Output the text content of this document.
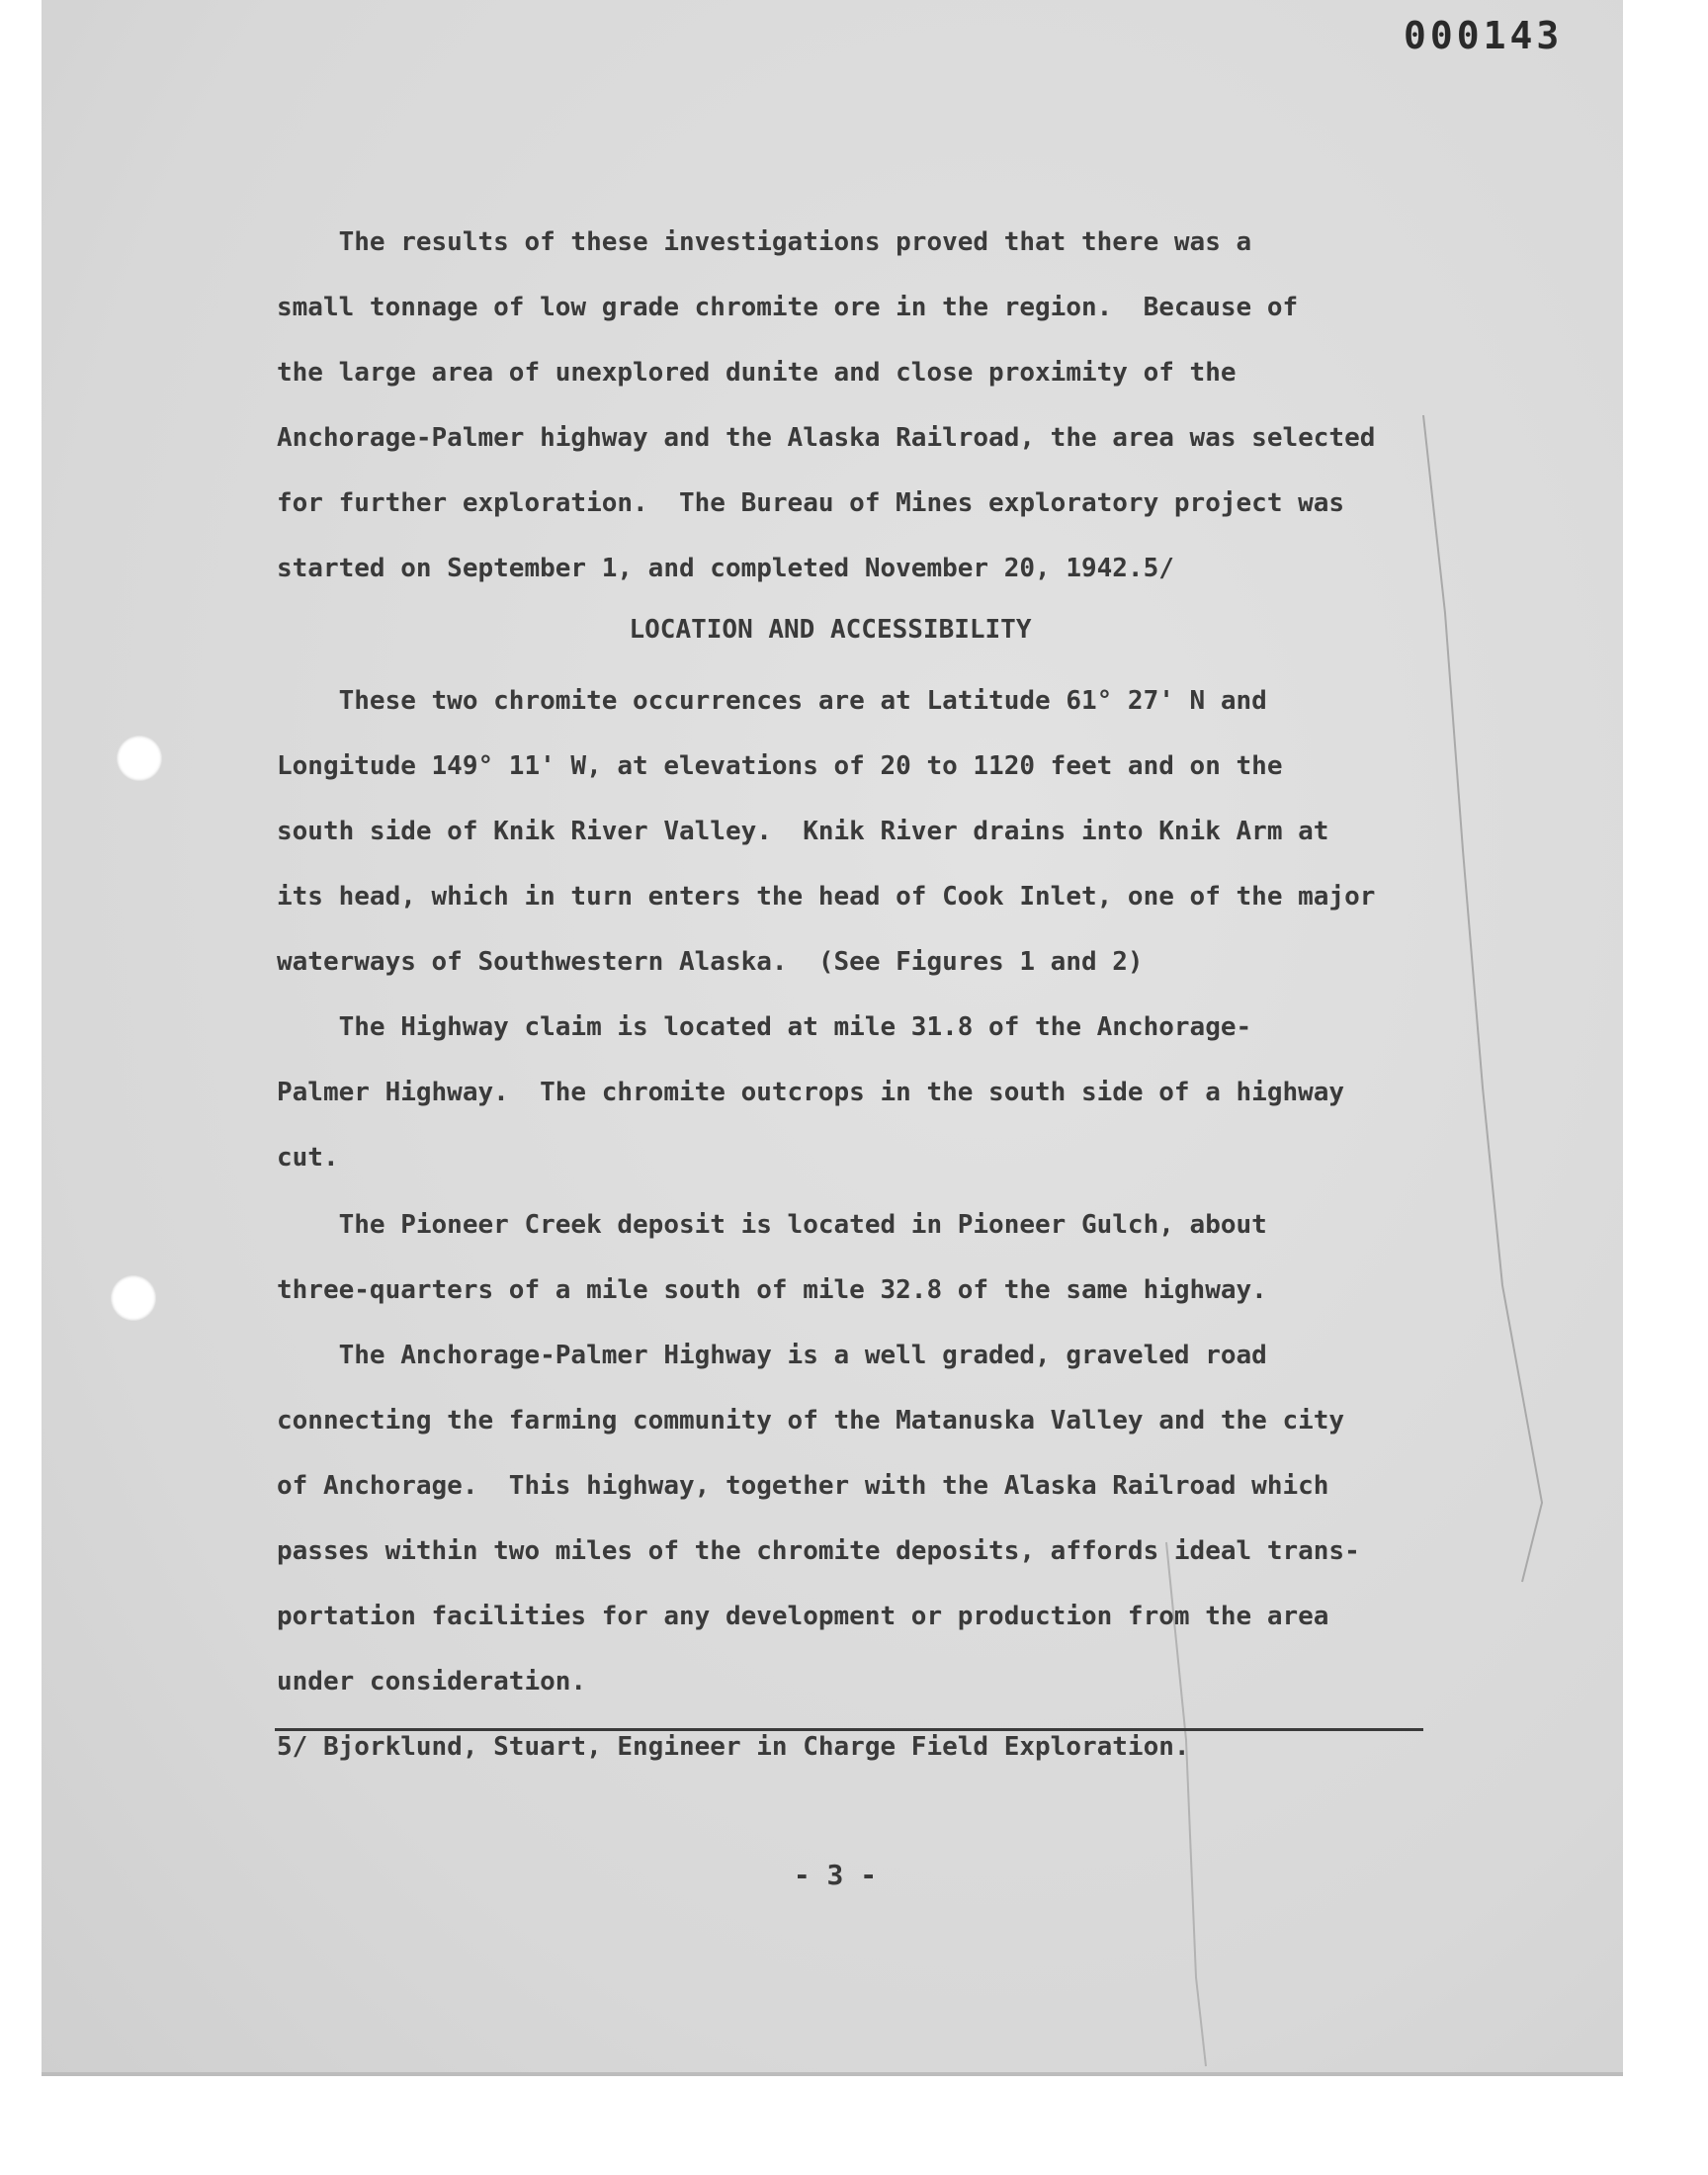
000143
The results of these investigations proved that there was a
small tonnage of low grade chromite ore in the region.  Because of
the large area of unexplored dunite and close proximity of the
Anchorage-Palmer highway and the Alaska Railroad, the area was selected
for further exploration.  The Bureau of Mines exploratory project was
started on September 1, and completed November 20, 1942.5/
LOCATION AND ACCESSIBILITY
These two chromite occurrences are at Latitude 61° 27' N and
Longitude 149° 11' W, at elevations of 20 to 1120 feet and on the
south side of Knik River Valley.  Knik River drains into Knik Arm at
its head, which in turn enters the head of Cook Inlet, one of the major
waterways of Southwestern Alaska.  (See Figures 1 and 2)
The Highway claim is located at mile 31.8 of the Anchorage-
Palmer Highway.  The chromite outcrops in the south side of a highway
cut.
The Pioneer Creek deposit is located in Pioneer Gulch, about
three-quarters of a mile south of mile 32.8 of the same highway.
The Anchorage-Palmer Highway is a well graded, graveled road
connecting the farming community of the Matanuska Valley and the city
of Anchorage.  This highway, together with the Alaska Railroad which
passes within two miles of the chromite deposits, affords ideal trans-
portation facilities for any development or production from the area
under consideration.
5/ Bjorklund, Stuart, Engineer in Charge Field Exploration.
- 3 -
